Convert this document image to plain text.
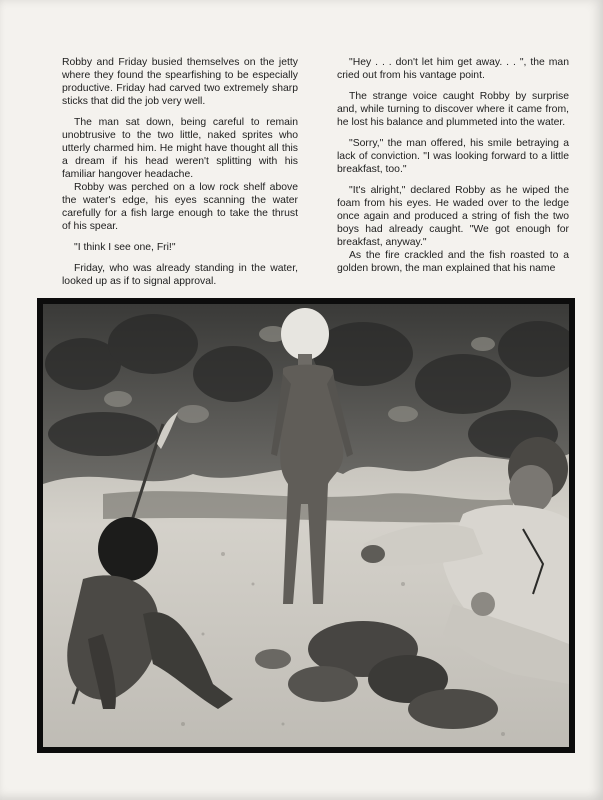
Robby and Friday busied themselves on the jetty where they found the spearfishing to be especially productive. Friday had carved two extremely sharp sticks that did the job very well.

The man sat down, being careful to remain unobtrusive to the two little, naked sprites who utterly charmed him. He might have thought all this a dream if his head weren't splitting with his familiar hangover headache.

Robby was perched on a low rock shelf above the water's edge, his eyes scanning the water carefully for a fish large enough to take the thrust of his spear.

"I think I see one, Fri!"

Friday, who was already standing in the water, looked up as if to signal approval.

"Hey . . . don't let him get away. . . ", the man cried out from his vantage point.

The strange voice caught Robby by surprise and, while turning to discover where it came from, he lost his balance and plummeted into the water.

"Sorry," the man offered, his smile betraying a lack of conviction. "I was looking forward to a little breakfast, too."

"It's alright," declared Robby as he wiped the foam from his eyes. He waded over to the ledge once again and produced a string of fish the two boys had already caught. "We got enough for breakfast, anyway."

As the fire crackled and the fish roasted to a golden brown, the man explained that his name
